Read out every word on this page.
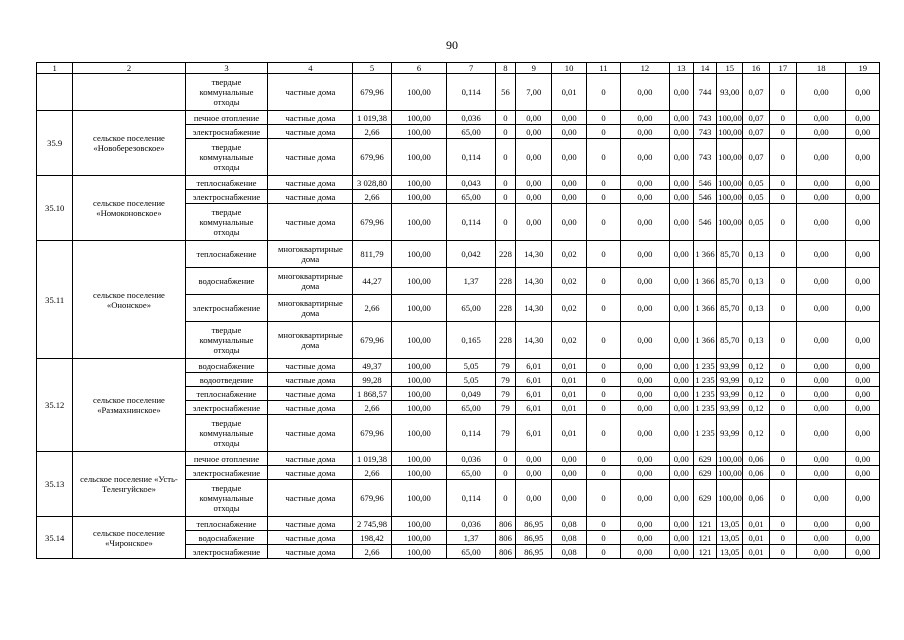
90
1	2	3	4	5	6	7	8	9	10	11	12	13	14	15	16	17	18	19
		твердые коммунальные отходы	частные дома	679,96	100,00	0,114	56	7,00	0,01	0	0,00	0,00	744	93,00	0,07	0	0,00	0,00
35.9	сельское поселение «Новоберезовское»	печное отопление	частные дома	1 019,38	100,00	0,036	0	0,00	0,00	0	0,00	0,00	743	100,00	0,07	0	0,00	0,00
		электроснабжение	частные дома	2,66	100,00	65,00	0	0,00	0,00	0	0,00	0,00	743	100,00	0,07	0	0,00	0,00
		твердые коммунальные отходы	частные дома	679,96	100,00	0,114	0	0,00	0,00	0	0,00	0,00	743	100,00	0,07	0	0,00	0,00
35.10	сельское поселение «Номоконовское»	теплоснабжение	частные дома	3 028,80	100,00	0,043	0	0,00	0,00	0	0,00	0,00	546	100,00	0,05	0	0,00	0,00
		электроснабжение	частные дома	2,66	100,00	65,00	0	0,00	0,00	0	0,00	0,00	546	100,00	0,05	0	0,00	0,00
		твердые коммунальные отходы	частные дома	679,96	100,00	0,114	0	0,00	0,00	0	0,00	0,00	546	100,00	0,05	0	0,00	0,00
35.11	сельское поселение «Ононское»	теплоснабжение	многоквартирные дома	811,79	100,00	0,042	228	14,30	0,02	0	0,00	0,00	1 366	85,70	0,13	0	0,00	0,00
		водоснабжение	многоквартирные дома	44,27	100,00	1,37	228	14,30	0,02	0	0,00	0,00	1 366	85,70	0,13	0	0,00	0,00
		электроснабжение	многоквартирные дома	2,66	100,00	65,00	228	14,30	0,02	0	0,00	0,00	1 366	85,70	0,13	0	0,00	0,00
		твердые коммунальные отходы	многоквартирные дома	679,96	100,00	0,165	228	14,30	0,02	0	0,00	0,00	1 366	85,70	0,13	0	0,00	0,00
35.12	сельское поселение «Размахнинское»	водоснабжение	частные дома	49,37	100,00	5,05	79	6,01	0,01	0	0,00	0,00	1 235	93,99	0,12	0	0,00	0,00
		водоотведение	частные дома	99,28	100,00	5,05	79	6,01	0,01	0	0,00	0,00	1 235	93,99	0,12	0	0,00	0,00
		теплоснабжение	частные дома	1 868,57	100,00	0,049	79	6,01	0,01	0	0,00	0,00	1 235	93,99	0,12	0	0,00	0,00
		электроснабжение	частные дома	2,66	100,00	65,00	79	6,01	0,01	0	0,00	0,00	1 235	93,99	0,12	0	0,00	0,00
		твердые коммунальные отходы	частные дома	679,96	100,00	0,114	79	6,01	0,01	0	0,00	0,00	1 235	93,99	0,12	0	0,00	0,00
35.13	сельское поселение «Усть-Теленгуйское»	печное отопление	частные дома	1 019,38	100,00	0,036	0	0,00	0,00	0	0,00	0,00	629	100,00	0,06	0	0,00	0,00
		электроснабжение	частные дома	2,66	100,00	65,00	0	0,00	0,00	0	0,00	0,00	629	100,00	0,06	0	0,00	0,00
		твердые коммунальные отходы	частные дома	679,96	100,00	0,114	0	0,00	0,00	0	0,00	0,00	629	100,00	0,06	0	0,00	0,00
35.14	сельское поселение «Чиронское»	теплоснабжение	частные дома	2 745,98	100,00	0,036	806	86,95	0,08	0	0,00	0,00	121	13,05	0,01	0	0,00	0,00
		водоснабжение	частные дома	198,42	100,00	1,37	806	86,95	0,08	0	0,00	0,00	121	13,05	0,01	0	0,00	0,00
		электроснабжение	частные дома	2,66	100,00	65,00	806	86,95	0,08	0	0,00	0,00	121	13,05	0,01	0	0,00	0,00
